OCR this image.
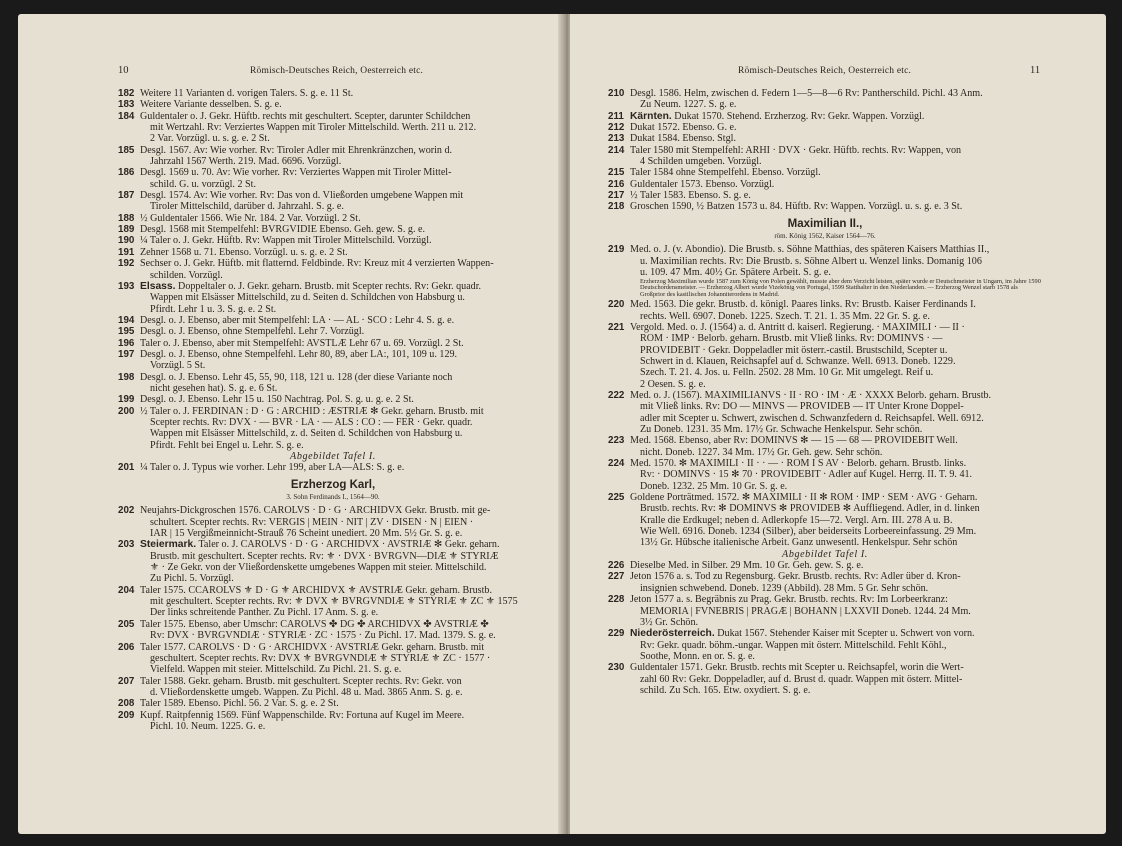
10	Römisch-Deutsches Reich, Oesterreich etc.
182 Weitere 11 Varianten d. vorigen Talers. S. g. e. 11 St.
183 Weitere Variante desselben. S. g. e.
184 Guldentaler o. J. Gekr. Hüftb. rechts mit geschultert. Scepter, darunter Schildchen
mit Wertzahl. Rv: Verziertes Wappen mit Tiroler Mittelschild. Werth. 211 u. 212.
2 Var. Vorzügl. u. s. g. e. 2 St.
185 Desgl. 1567. Av: Wie vorher. Rv: Tiroler Adler mit Ehrenkränzchen, worin d.
Jahrzahl 1567 Werth. 219. Mad. 6696. Vorzügl.
186 Desgl. 1569 u. 70. Av: Wie vorher. Rv: Verziertes Wappen mit Tiroler Mittel-
schild. G. u. vorzügl. 2 St.
187 Desgl. 1574. Av: Wie vorher. Rv: Das von d. Vließorden umgebene Wappen mit
Tiroler Mittelschild, darüber d. Jahrzahl. S. g. e.
188 ½ Guldentaler 1566. Wie Nr. 184. 2 Var. Vorzügl. 2 St.
189 Desgl. 1568 mit Stempelfehl: BVRGVIDIE Ebenso. Geh. gew. S. g. e.
190 ¼ Taler o. J. Gekr. Hüftb. Rv: Wappen mit Tiroler Mittelschild. Vorzügl.
191 Zehner 1568 u. 71. Ebenso. Vorzügl. u. s. g. e. 2 St.
192 Sechser o. J. Gekr. Hüftb. mit flatternd. Feldbinde. Rv: Kreuz mit 4 verzierten Wappen-
schilden. Vorzügl.
193 Elsass. Doppeltaler o. J. Gekr. geharn. Brustb. mit Scepter rechts. Rv: Gekr. quadr.
Wappen mit Elsässer Mittelschild, zu d. Seiten d. Schildchen von Habsburg u.
Pfirdt. Lehr 1 u. 3. S. g. e. 2 St.
194 Desgl. o. J. Ebenso, aber mit Stempelfehl: LA · — AL · SCO : Lehr 4. S. g. e.
195 Desgl. o. J. Ebenso, ohne Stempelfehl. Lehr 7. Vorzügl.
196 Taler o. J. Ebenso, aber mit Stempelfehl: AVSTLÆ Lehr 67 u. 69. Vorzügl. 2 St.
197 Desgl. o. J. Ebenso, ohne Stempelfehl. Lehr 80, 89, aber LA:, 101, 109 u. 129.
Vorzügl. 5 St.
198 Desgl. o. J. Ebenso. Lehr 45, 55, 90, 118, 121 u. 128 (der diese Variante noch
nicht gesehen hat). S. g. e. 6 St.
199 Desgl. o. J. Ebenso. Lehr 15 u. 150 Nachtrag. Pol. S. g. u. g. e. 2 St.
200 ½ Taler o. J. FERDINAN : D · G : ARCHID : ÆSTRIÆ ✻ Gekr. geharn. Brustb. mit
Scepter rechts. Rv: DVX · — BVR · LA · — ALS : CO : — FER · Gekr. quadr.
Wappen mit Elsässer Mittelschild, z. d. Seiten d. Schildchen von Habsburg u.
Pfirdt. Fehlt bei Engel u. Lehr. S. g. e.
Abgebildet Tafel I.
201 ¼ Taler o. J. Typus wie vorher. Lehr 199, aber LA—ALS: S. g. e.
Erzherzog Karl,
3. Sohn Ferdinands I., 1564—90.
202 Neujahrs-Dickgroschen 1576. CAROLVS · D · G · ARCHIDVX Gekr. Brustb. mit ge-
schultert. Scepter rechts. Rv: VERGIS | MEIN · NIT | ZV · DISEN · N | EIEN ·
IAR | 15 Vergißmeinnicht-Strauß 76 Scheint unediert. 20 Mm. 5½ Gr. S. g. e.
203 Steiermark. Taler o. J. CAROLVS · D · G · ARCHIDVX · AVSTRIÆ ✻ Gekr. geharn.
Brustb. mit geschultert. Scepter rechts. Rv: ⚜ · DVX · BVRGVN—DIÆ ⚜ STYRIÆ
⚜ · Ze Gekr. von der Vließordenskette umgebenes Wappen mit steier. Mittelschild.
Zu Pichl. 5. Vorzügl.
204 Taler 1575. CCAROLVS ⚜ D · G ⚜ ARCHIDVX ⚜ AVSTRIÆ Gekr. geharn. Brustb.
mit geschultert. Scepter rechts. Rv: ⚜ DVX ⚜ BVRGVNDIÆ ⚜ STYRIÆ ⚜ ZC ⚜ 1575
Der links schreitende Panther. Zu Pichl. 17 Anm. S. g. e.
205 Taler 1575. Ebenso, aber Umschr: CAROLVS ✤ DG ✤ ARCHIDVX ✤ AVSTRIÆ ✤
Rv: DVX · BVRGVNDIÆ · STYRIÆ · ZC · 1575 · Zu Pichl. 17. Mad. 1379. S. g. e.
206 Taler 1577. CAROLVS · D · G · ARCHIDVX · AVSTRIÆ Gekr. geharn. Brustb. mit
geschultert. Scepter rechts. Rv: DVX ⚜ BVRGVNDIÆ ⚜ STYRIÆ ⚜ ZC · 1577 ·
Vielfeld. Wappen mit steier. Mittelschild. Zu Pichl. 21. S. g. e.
207 Taler 1588. Gekr. geharn. Brustb. mit geschultert. Scepter rechts. Rv: Gekr. von
d. Vließordenskette umgeb. Wappen. Zu Pichl. 48 u. Mad. 3865 Anm. S. g. e.
208 Taler 1589. Ebenso. Pichl. 56. 2 Var. S. g. e. 2 St.
209 Kupf. Raitpfennig 1569. Fünf Wappenschilde. Rv: Fortuna auf Kugel im Meere.
Pichl. 10. Neum. 1225. G. e.
Römisch-Deutsches Reich, Oesterreich etc.	11
210 Desgl. 1586. Helm, zwischen d. Federn 1—5—8—6 Rv: Pantherschild. Pichl. 43 Anm.
Zu Neum. 1227. S. g. e.
211 Kärnten. Dukat 1570. Stehend. Erzherzog. Rv: Gekr. Wappen. Vorzügl.
212 Dukat 1572. Ebenso. G. e.
213 Dukat 1584. Ebenso. Stgl.
214 Taler 1580 mit Stempelfehl: ARHI · DVX · Gekr. Hüftb. rechts. Rv: Wappen, von
4 Schilden umgeben. Vorzügl.
215 Taler 1584 ohne Stempelfehl. Ebenso. Vorzügl.
216 Guldentaler 1573. Ebenso. Vorzügl.
217 ½ Taler 1583. Ebenso. S. g. e.
218 Groschen 1590, ½ Batzen 1573 u. 84. Hüftb. Rv: Wappen. Vorzügl. u. s. g. e. 3 St.
Maximilian II.,
röm. König 1562, Kaiser 1564—76.
219 Med. o. J. (v. Abondio). Die Brustb. s. Söhne Matthias, des späteren Kaisers Matthias II.,
u. Maximilian rechts. Rv: Die Brustb. s. Söhne Albert u. Wenzel links. Domanig 106
u. 109. 47 Mm. 40½ Gr. Spätere Arbeit. S. g. e.
Erzherzog Maximilian wurde 1587 zum König von Polen gewählt, musste aber dem Verzicht leisten, später wurde er Deutschmeister in Ungarn, im Jahre 1590 Deutschordensmeister. — Erzherzog Albert wurde Vizekönig von Portugal, 1599 Statthalter in den Niederlanden. — Erzherzog Wenzel starb 1578 als Großprior des kastilischen Johanniterordens in Madrid.
220 Med. 1563. Die gekr. Brustb. d. königl. Paares links. Rv: Brustb. Kaiser Ferdinands I.
rechts. Well. 6907. Doneb. 1225. Szech. T. 21. 1. 35 Mm. 22 Gr. S. g. e.
221 Vergold. Med. o. J. (1564) a. d. Antritt d. kaiserl. Regierung. · MAXIMILI · — II ·
ROM · IMP · Belorb. geharn. Brustb. mit Vließ links. Rv: DOMINVS · —
PROVIDEBIT · Gekr. Doppeladler mit österr.-castil. Brustschild, Scepter u.
Schwert in d. Klauen, Reichsapfel auf d. Schwanze. Well. 6913. Doneb. 1229.
Szech. T. 21. 4. Jos. u. Felln. 2502. 28 Mm. 10 Gr. Mit umgelegt. Reif u.
2 Oesen. S. g. e.
222 Med. o. J. (1567). MAXIMILIANVS · II · RO · IM · Æ · XXXX Belorb. geharn. Brustb.
mit Vließ links. Rv: DO — MINVS — PROVIDEB — IT Unter Krone Doppel-
adler mit Scepter u. Schwert, zwischen d. Schwanzfedern d. Reichsapfel. Well. 6912.
Zu Doneb. 1231. 35 Mm. 17½ Gr. Schwache Henkelspur. Sehr schön.
223 Med. 1568. Ebenso, aber Rv: DOMINVS ✻ — 15 — 68 — PROVIDEBIT Well.
nicht. Doneb. 1227. 34 Mm. 17½ Gr. Geh. gew. Sehr schön.
224 Med. 1570. ✻ MAXIMILI · II · · — · ROM I S AV · Belorb. geharn. Brustb. links.
Rv: · DOMINVS · 15 ✻ 70 · PROVIDEBIT · Adler auf Kugel. Herrg. II. T. 9. 41.
Doneb. 1232. 25 Mm. 10 Gr. S. g. e.
225 Goldene Porträtmed. 1572. ✻ MAXIMILI · II ✻ ROM · IMP · SEM · AVG · Geharn.
Brustb. rechts. Rv: ✻ DOMINVS ✻ PROVIDEB ✻ Auffliegend. Adler, in d. linken
Kralle die Erdkugel; neben d. Adlerkopfe 15—72. Vergl. Arn. III. 278 A u. B.
Wie Well. 6916. Doneb. 1234 (Silber), aber beiderseits Lorbeereinfassung. 29 Mm.
13½ Gr. Hübsche italienische Arbeit. Ganz unwesentl. Henkelspur. Sehr schön
Abgebildet Tafel I.
226 Dieselbe Med. in Silber. 29 Mm. 10 Gr. Geh. gew. S. g. e.
227 Jeton 1576 a. s. Tod zu Regensburg. Gekr. Brustb. rechts. Rv: Adler über d. Kron-
insignien schwebend. Doneb. 1239 (Abbild). 28 Mm. 5 Gr. Sehr schön.
228 Jeton 1577 a. s. Begräbnis zu Prag. Gekr. Brustb. rechts. Rv: Im Lorbeerkranz:
MEMORIA | FVNEBRIS | PRAGÆ | BOHANN | LXXVII Doneb. 1244. 24 Mm.
3½ Gr. Schön.
229 Niederösterreich. Dukat 1567. Stehender Kaiser mit Scepter u. Schwert von vorn.
Rv: Gekr. quadr. böhm.-ungar. Wappen mit österr. Mittelschild. Fehlt Köhl.,
Soothe, Monn. en or. S. g. e.
230 Guldentaler 1571. Gekr. Brustb. rechts mit Scepter u. Reichsapfel, worin die Wert-
zahl 60 Rv: Gekr. Doppeladler, auf d. Brust d. quadr. Wappen mit österr. Mittel-
schild. Zu Sch. 165. Etw. oxydiert. S. g. e.
